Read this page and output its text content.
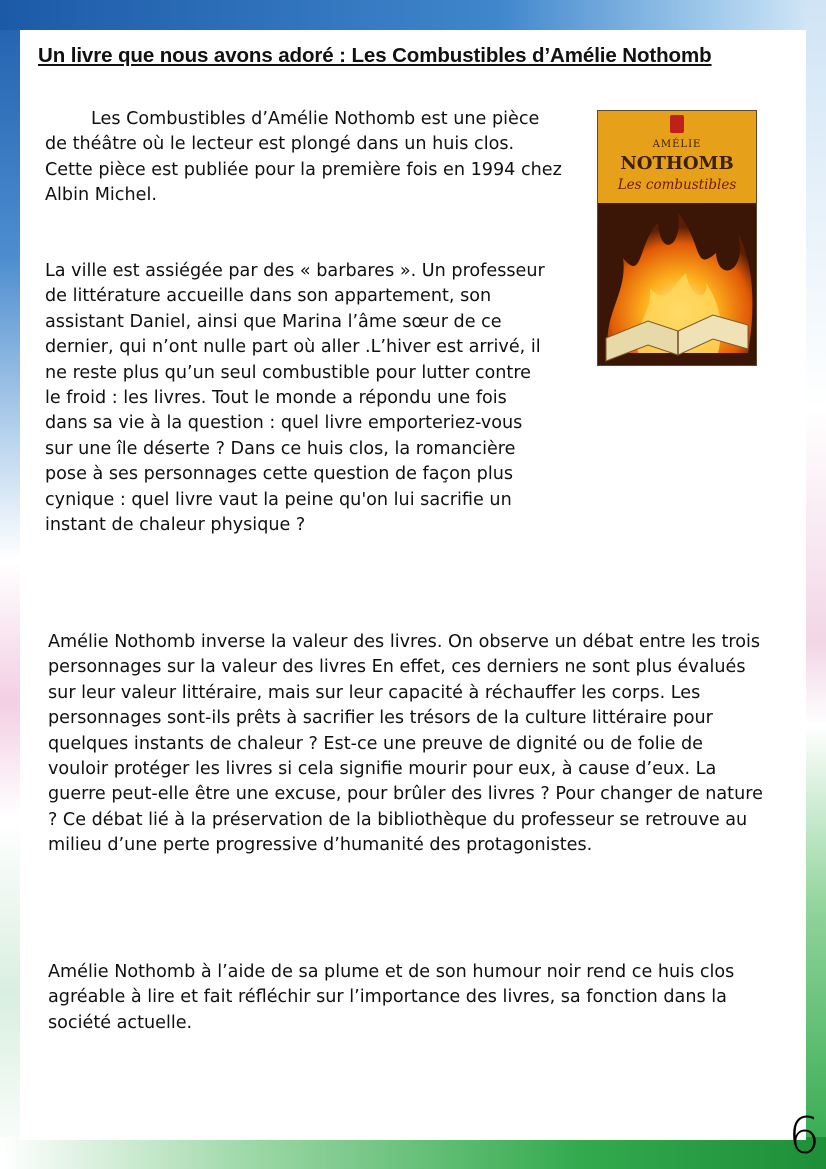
Un livre que nous avons adoré : Les Combustibles d’Amélie Nothomb

Les Combustibles d’Amélie Nothomb est une pièce de théâtre où le lecteur est plongé dans un huis clos. Cette pièce est publiée pour la première fois en 1994 chez Albin Michel.

La ville est assiégée par des « barbares ». Un professeur de littérature accueille dans son appartement, son assistant Daniel, ainsi que Marina l’âme sœur de ce dernier, qui n’ont nulle part où aller .L’hiver est arrivé, il ne reste plus qu’un seul combustible pour lutter contre le froid : les livres. Tout le monde a répondu une fois dans sa vie à la question : quel livre emporteriez-vous sur une île déserte ? Dans ce huis clos, la romancière pose à ses personnages cette question de façon plus cynique : quel livre vaut la peine qu'on lui sacrifie un instant de chaleur physique ?

Amélie Nothomb inverse la valeur des livres. On observe un débat entre les trois personnages sur la valeur des livres En effet, ces derniers ne sont plus évalués sur leur valeur littéraire, mais sur leur capacité à réchauffer les corps. Les personnages sont-ils prêts à sacrifier les trésors de la culture littéraire pour quelques instants de chaleur ? Est-ce une preuve de dignité ou de folie de vouloir protéger les livres si cela signifie mourir pour eux, à cause d’eux. La guerre peut-elle être une excuse, pour brûler des livres ? Pour changer de nature ? Ce débat lié à la préservation de la bibliothèque du professeur se retrouve au milieu d’une perte progressive d’humanité des protagonistes.

Amélie Nothomb à l’aide de sa plume et de son humour noir rend ce huis clos agréable à lire et fait réfléchir sur l’importance des livres, sa fonction dans la société actuelle.

AMÉLIE
NOTHOMB
Les combustibles
6
